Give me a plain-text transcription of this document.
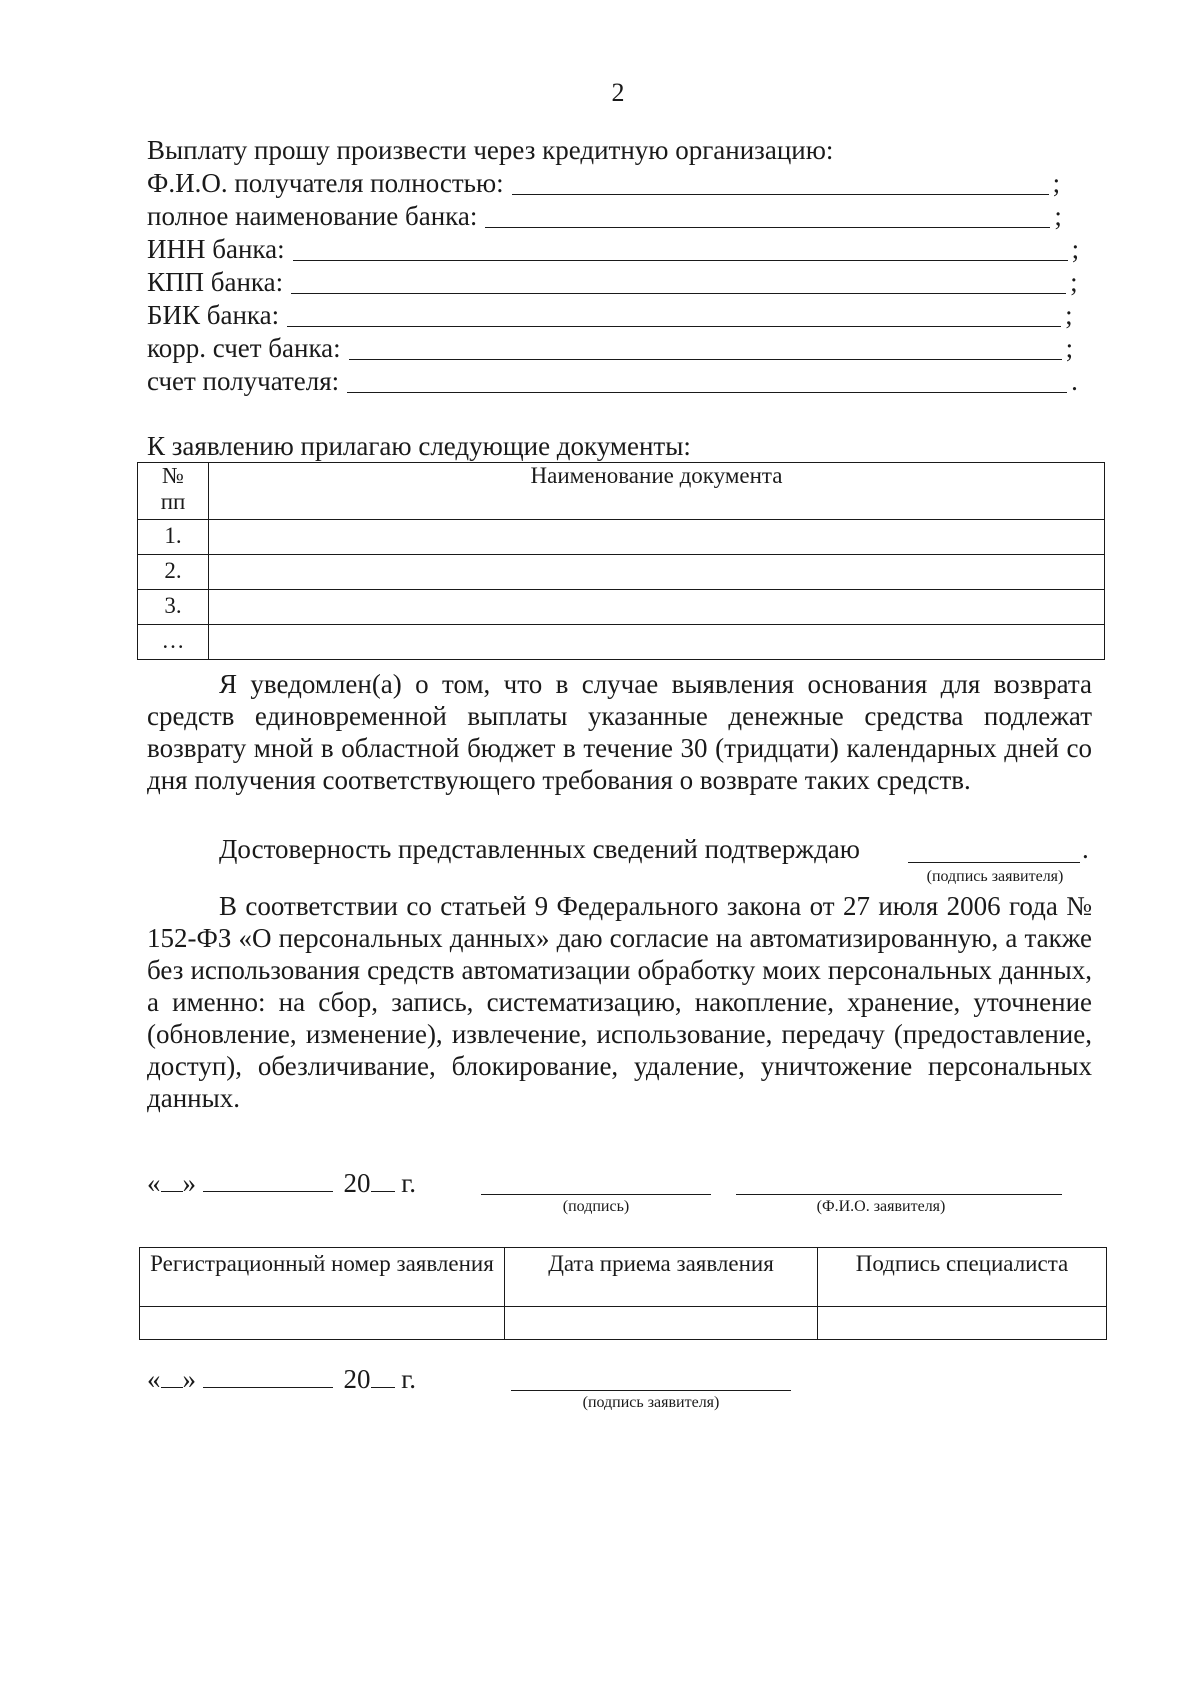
2
Выплату прошу произвести через кредитную организацию:
Ф.И.О. получателя полностью:	;
полное наименование банка:	;
ИНН банка:	;
КПП банка:	;
БИК банка:	;
корр. счет банка:	;
счет получателя:	.
К заявлению прилагаю следующие документы:
№
пп	Наименование документа
1.	
2.	
3.	
…	
Я уведомлен(а) о том, что в случае выявления основания для возврата средств единовременной выплаты указанные денежные средства подлежат возврату мной в областной бюджет в течение 30 (тридцати) календарных дней со дня получения соответствующего требования о возврате таких средств.
Достоверность представленных сведений подтверждаю	.
(подпись заявителя)
В соответствии со статьей 9 Федерального закона от 27 июля 2006 года № 152-ФЗ «О персональных данных» даю согласие на автоматизированную, а также без использования средств автоматизации обработку моих персональных данных, а именно: на сбор, запись, систематизацию, накопление, хранение, уточнение (обновление, изменение), извлечение, использование, передачу (предоставление, доступ), обезличивание, блокирование, удаление, уничтожение персональных данных.
« »	20 г.
(подпись)	(Ф.И.О. заявителя)
Регистрационный номер заявления	Дата приема заявления	Подпись специалиста

« »	20 г.
(подпись заявителя)
